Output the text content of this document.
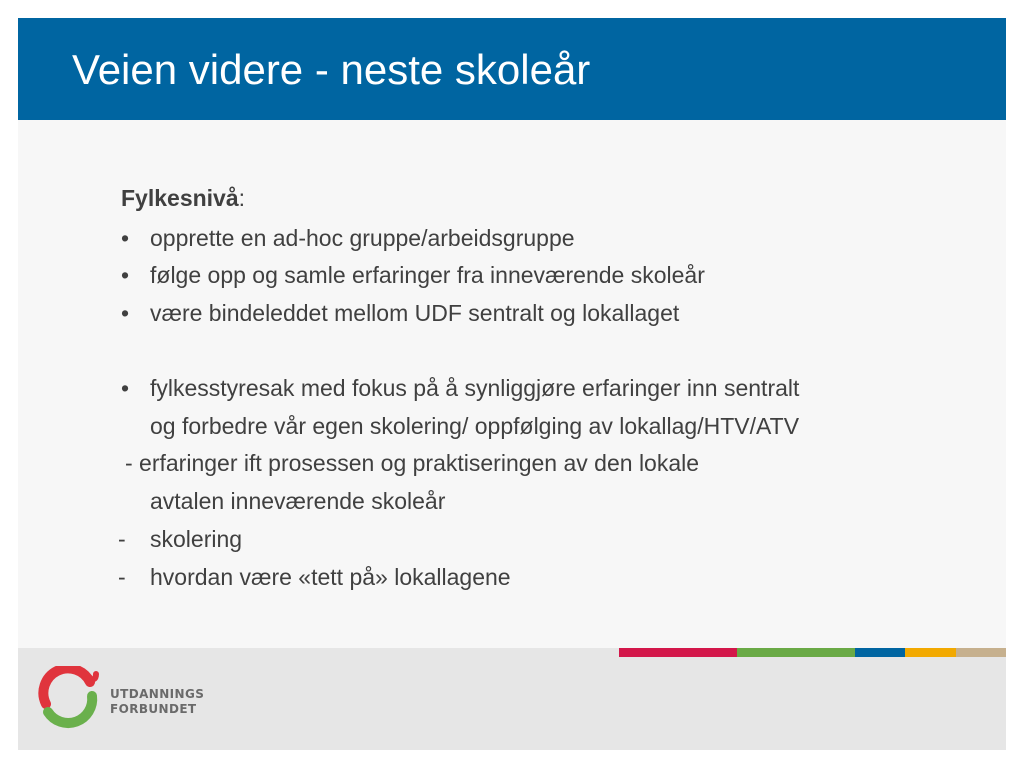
Veien videre - neste skoleår
Fylkesnivå:
• opprette en ad-hoc gruppe/arbeidsgruppe
• følge opp og samle erfaringer fra inneværende skoleår
• være bindeleddet mellom UDF sentralt og lokallaget
• fylkesstyresak med fokus på å synliggjøre erfaringer inn sentralt
og forbedre vår egen skolering/ oppfølging av lokallag/HTV/ATV
- erfaringer ift prosessen og praktiseringen av den lokale
avtalen inneværende skoleår
- skolering
- hvordan være «tett på» lokallagene
UTDANNINGS
FORBUNDET
